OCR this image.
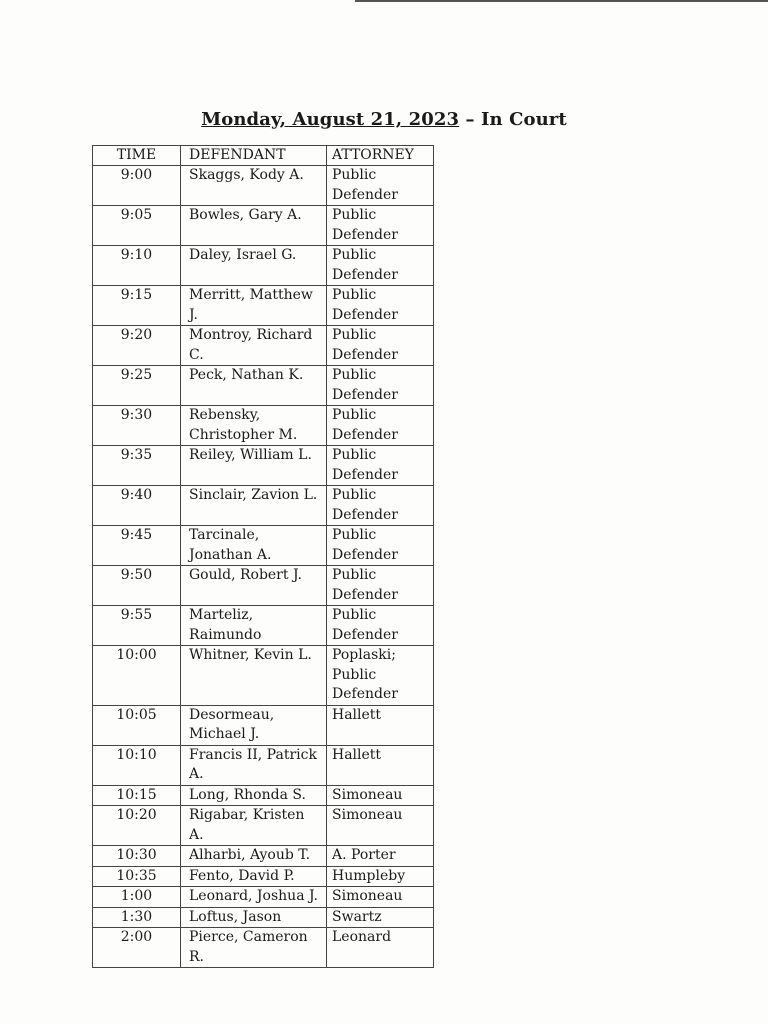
Monday, August 21, 2023 – In Court
TIME	DEFENDANT	ATTORNEY
9:00	Skaggs, Kody A.	Public Defender
9:05	Bowles, Gary A.	Public Defender
9:10	Daley, Israel G.	Public Defender
9:15	Merritt, Matthew J.	Public Defender
9:20	Montroy, Richard C.	Public Defender
9:25	Peck, Nathan K.	Public Defender
9:30	Rebensky, Christopher M.	Public Defender
9:35	Reiley, William L.	Public Defender
9:40	Sinclair, Zavion L.	Public Defender
9:45	Tarcinale, Jonathan A.	Public Defender
9:50	Gould, Robert J.	Public Defender
9:55	Marteliz, Raimundo	Public Defender
10:00	Whitner, Kevin L.	Poplaski; Public Defender
10:05	Desormeau, Michael J.	Hallett
10:10	Francis II, Patrick A.	Hallett
10:15	Long, Rhonda S.	Simoneau
10:20	Rigabar, Kristen A.	Simoneau
10:30	Alharbi, Ayoub T.	A. Porter
10:35	Fento, David P.	Humpleby
1:00	Leonard, Joshua J.	Simoneau
1:30	Loftus, Jason	Swartz
2:00	Pierce, Cameron R.	Leonard
